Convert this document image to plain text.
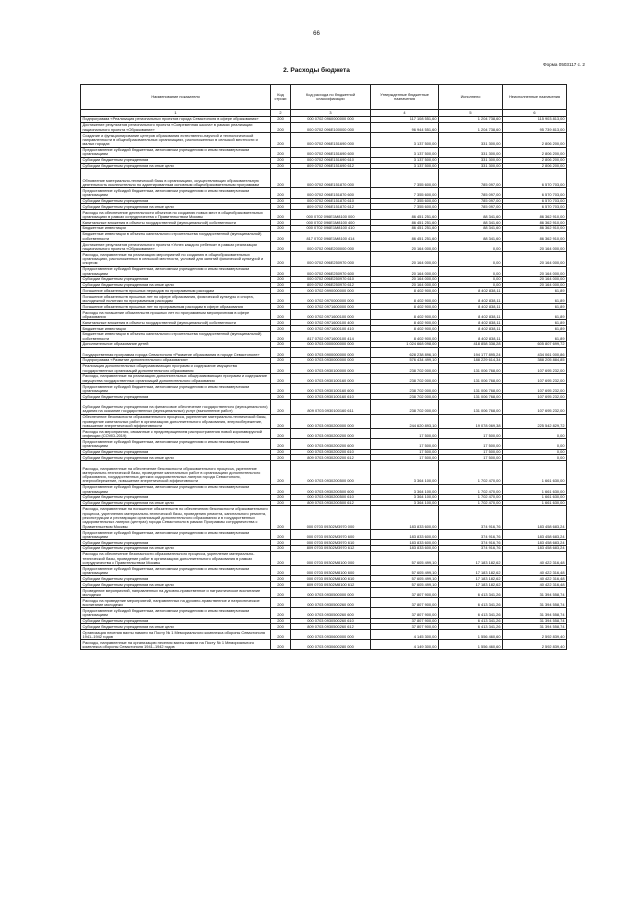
66
Форма 0503117 с. 2
2. Расходы бюджета
Наименование показателя	Код строки	Код расхода по бюджетной классификации	Утвержденные бюджетные назначения	Исполнено	Неисполненные назначения
1	2	3	4	5	6
Подпрограмма «Реализация региональных проектов города Севастополя в сфере образования»	200	000 0702 0960000000 000	117 108 551,60	1 204 738,60	115 903 813,00
Достижение результатов регионального проекта «Современная школа» в рамках реализации национального проекта «Образование»	200	000 0702 096E100000 000	96 944 551,60	1 204 738,60	95 739 813,00
Создание и функционирование центров образования естественно-научной и технологической направленности в общеобразовательных организациях, расположенных в сельской местности и малых городах	200	000 0702 096E151690 000	3 137 500,00	331 300,00	2 806 200,00
Предоставление субсидий бюджетным, автономным учреждениям и иным некоммерческим организациям	200	000 0702 096E151690 600	3 137 500,00	331 300,00	2 806 200,00
Субсидии бюджетным учреждениям	200	000 0702 096E151690 610	3 137 500,00	331 300,00	2 806 200,00
Субсидии бюджетным учреждениям на иные цели	200	809 0702 096E151690 612	3 137 500,00	331 300,00	2 806 200,00
Обновление материально-технической базы в организациях, осуществляющих образовательную деятельность исключительно по адаптированным основным общеобразовательным программам	200	000 0702 096E151870 000	7 355 600,00	785 097,00	6 570 703,00
Предоставление субсидий бюджетным, автономным учреждениям и иным некоммерческим организациям	200	000 0702 096E151870 600	7 355 600,00	785 097,00	6 570 703,00
Субсидии бюджетным учреждениям	200	000 0702 096E151870 610	7 355 600,00	785 097,00	6 570 703,00
Субсидии бюджетным учреждениям на иные цели	200	809 0702 096E151870 612	7 355 600,00	785 097,00	6 570 703,00
Расходы на обеспечение деятельности объектов по созданию новых мест в общеобразовательных организациях в рамках сотрудничества с Правительством Москвы	200	000 0702 096E1M8100 000	86 451 251,60	88 341,60	86 362 910,00
Капитальные вложения в объекты государственной (муниципальной) собственности	200	000 0702 096E1M8100 400	86 451 251,60	88 341,60	86 362 910,00
Бюджетные инвестиции	200	000 0702 096E1M8100 410	86 451 251,60	88 341,60	86 362 910,00
Бюджетные инвестиции в объекты капитального строительства государственной (муниципальной) собственности	200	817 0702 096E1M8100 414	86 451 251,60	88 341,60	86 362 910,00
Достижение результатов регионального проекта «Успех каждого ребенка» в рамках реализации национального проекта «Образование»	200	000 0702 096E200000 000	20 164 000,00	0,00	20 164 000,00
Расходы, направленные на реализацию мероприятий по созданию в общеобразовательных организациях, расположенных в сельской местности, условий для занятий физической культурой и спортом	200	000 0702 096E250970 000	20 164 000,00	0,00	20 164 000,00
Предоставление субсидий бюджетным, автономным учреждениям и иным некоммерческим организациям	200	000 0702 096E250970 600	20 164 000,00	0,00	20 164 000,00
Субсидии бюджетным учреждениям	200	000 0702 096E250970 610	20 164 000,00	0,00	20 164 000,00
Субсидии бюджетным учреждениям на иные цели	200	809 0702 096E250970 612	20 164 000,00	0,00	20 164 000,00
Погашение обязательств прошлых периодов по программным расходам	200	000 0702 0990000000 000	8 402 900,00	8 402 838,11	61,89
Погашение обязательств прошлых лет по сфере образования, физической культуры и спорта, молодежной политики по программным расходам	200	000 0702 0970000000 000	8 402 900,00	8 402 838,11	61,89
Погашение обязательств прошлых лет по программным расходам в сфере образования	200	000 0702 0971600000 000	8 402 900,00	8 402 838,11	61,89
Расходы на погашение обязательств прошлых лет по программным мероприятиям в сфере образования	200	000 0702 0971600100 000	8 402 900,00	8 402 838,11	61,89
Капитальные вложения в объекты государственной (муниципальной) собственности	200	000 0702 0971600100 400	8 402 900,00	8 402 838,11	61,89
Бюджетные инвестиции	200	000 0702 0971600100 410	8 402 900,00	8 402 838,11	61,89
Бюджетные инвестиции в объекты капитального строительства государственной (муниципальной) собственности	200	817 0702 0971600100 414	8 402 900,00	8 402 838,11	61,89
Дополнительное образование детей	200	000 0703 0000000000 000	1 024 668 098,00	418 858 338,28	605 807 699,72
Государственная программа города Севастополя «Развитие образования в городе Севастополе»	200	000 0703 0900000000 000	628 238 896,10	194 177 895,24	434 061 000,86
Подпрограмма «Развитие дополнительного образования»	200	000 0703 0930000000 000	576 434 499,10	188 229 614,34	388 205 884,85
Реализация дополнительных общеразвивающих программ и содержание имущества государственных организаций дополнительного образования	200	000 0703 0930100000 000	238 702 000,00	131 006 768,00	107 695 232,00
Расходы, направленные на реализацию дополнительных общеразвивающих программ и содержание имущества государственных организаций дополнительного образования	200	000 0703 0930100160 000	238 702 000,00	131 006 768,00	107 695 232,00
Предоставление субсидий бюджетным, автономным учреждениям и иным некоммерческим организациям	200	000 0703 0930100160 600	238 702 000,00	131 006 768,00	107 695 232,00
Субсидии бюджетным учреждениям	200	000 0703 0930100160 610	238 702 000,00	131 006 768,00	107 695 232,00
Субсидии бюджетным учреждениям на финансовое обеспечение государственного (муниципального) задания на оказание государственных (муниципальных) услуг (выполнение работ)	200	809 0703 0930100160 611	238 702 000,00	131 006 768,00	107 695 232,00
Обеспечение безопасности образовательного процесса, укрепление материально-технической базы, проведение капитальных работ в организациях дополнительного образования, энергосбережение, повышение энергетической эффективности	200	000 0703 0930200000 000	244 620 893,10	19 078 069,38	225 542 829,72
Расходы на мероприятия, связанные с предотвращением распространения новой коронавирусной инфекции (COVID-2019)	200	000 0703 0930200200 000	17 500,00	17 500,00	0,00
Предоставление субсидий бюджетным, автономным учреждениям и иным некоммерческим организациям	200	000 0703 0930200200 600	17 500,00	17 500,00	0,00
Субсидии бюджетным учреждениям	200	000 0703 0930200200 610	17 500,00	17 500,00	0,00
Субсидии бюджетным учреждениям на иные цели	200	809 0703 0930200200 612	17 500,00	17 500,00	0,00
Расходы, направленные на обеспечение безопасности образовательного процесса, укрепление материально-технической базы, проведение капитальных работ в организациях дополнительного образования, государственных детских оздоровительных лагерях города Севастополя, энергосбережение, повышение энергетической эффективности	200	000 0703 0930200500 000	3 364 100,00	1 702 470,00	1 661 630,00
Предоставление субсидий бюджетным, автономным учреждениям и иным некоммерческим организациям	200	000 0703 0930200500 600	3 364 100,00	1 702 470,00	1 661 630,00
Субсидии бюджетным учреждениям	200	000 0703 0930200500 610	3 364 100,00	1 702 470,00	1 661 630,00
Субсидии бюджетным учреждениям на иные цели	200	809 0703 0930200500 612	3 364 100,00	1 702 470,00	1 661 630,00
Расходы, направленные на погашение обязательств по обеспечению безопасности образовательного процесса, укреплению материально-технической базы, проведению ремонта, капитального ремонта, реконструкции и реставрации организаций дополнительного образования и в государственных оздоровительных лагерях (центрах) города Севастополя в рамках Программы сотрудничества с Правительством Москвы	200	000 0703 09302M3970 000	183 833 600,00	374 916,76	183 458 683,24
Предоставление субсидий бюджетным, автономным учреждениям и иным некоммерческим организациям	200	000 0703 09302M3970 600	183 833 600,00	374 916,76	183 458 683,24
Субсидии бюджетным учреждениям	200	000 0703 09302M3970 610	183 833 600,00	374 916,76	183 458 683,24
Субсидии бюджетным учреждениям на иные цели	200	809 0703 09302M3970 612	183 833 600,00	374 916,76	183 458 683,24
Расходы на обеспечение безопасности образовательного процесса, укрепление материально-технической базы, проведение работ в организациях дополнительного образования в рамках сотрудничества с Правительством Москвы	200	000 0703 09302M8100 000	57 605 499,10	17 183 182,62	40 422 316,48
Предоставление субсидий бюджетным, автономным учреждениям и иным некоммерческим организациям	200	000 0703 09302M8100 600	57 605 499,10	17 183 182,62	40 422 316,48
Субсидии бюджетным учреждениям	200	000 0703 09302M8100 610	57 605 499,10	17 183 182,62	40 422 316,48
Субсидии бюджетным учреждениям на иные цели	200	809 0703 09302M8100 612	57 605 499,10	17 183 182,62	40 422 316,48
Проведение мероприятий, направленных на духовно-нравственное и патриотическое воспитание молодежи	200	000 0703 0930500000 000	37 807 900,00	6 413 341,26	31 394 558,74
Расходы на проведение мероприятий, направленных на духовно-нравственное и патриотическое воспитание молодежи	200	000 0703 0930500260 000	37 807 900,00	6 413 341,26	31 394 558,74
Предоставление субсидий бюджетным, автономным учреждениям и иным некоммерческим организациям	200	000 0703 0930500260 600	37 807 900,00	6 413 341,26	31 394 558,74
Субсидии бюджетным учреждениям	200	000 0703 0930500260 610	37 807 900,00	6 413 341,26	31 394 558,74
Субсидии бюджетным учреждениям на иные цели	200	809 0703 0930500260 612	37 807 900,00	6 413 341,26	31 394 558,74
Организация несения вахты памяти на Посту № 1 Мемориального комплекса обороны Севастополя 1941–1942 годов	200	000 0703 0930600000 000	4 145 300,00	1 556 460,60	2 592 839,40
Расходы, направленные на организацию несения вахты памяти на Посту № 1 Мемориального комплекса обороны Севастополя 1941–1942 годов	200	000 0703 0930600280 000	4 149 300,00	1 556 460,60	2 592 839,40
